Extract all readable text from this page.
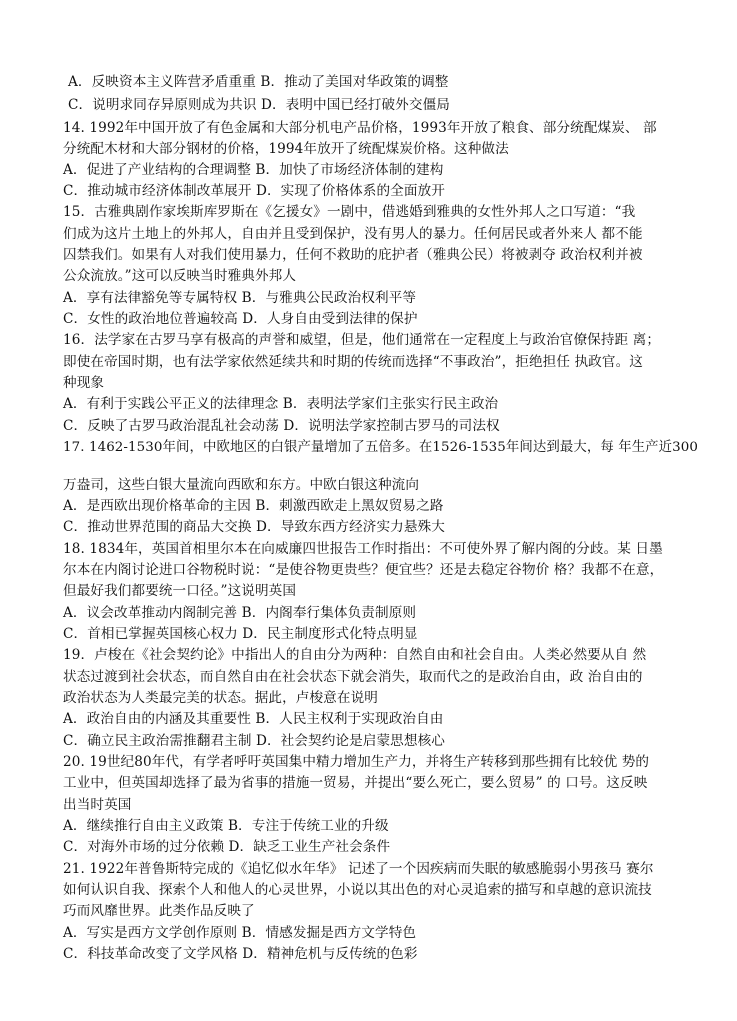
A．反映资本主义阵营矛盾重重 B．推动了美国对华政策的调整
C．说明求同存异原则成为共识 D．表明中国已经打破外交僵局
14. 1992年中国开放了有色金属和大部分机电产品价格，1993年开放了粮食、部分统配煤炭、 部
分统配木材和大部分钢材的价格，1994年放开了统配煤炭价格。这种做法
A．促进了产业结构的合理调整 B．加快了市场经济体制的建构
C．推动城市经济体制改革展开 D．实现了价格体系的全面放开
15．古雅典剧作家埃斯库罗斯在《乞援女》一剧中，借逃婚到雅典的女性外邦人之口写道：“我
们成为这片土地上的外邦人，自由并且受到保护，没有男人的暴力。任何居民或者外来人 都不能
囚禁我们。如果有人对我们使用暴力，任何不救助的庇护者（雅典公民）将被剥夺 政治权利并被
公众流放。”这可以反映当时雅典外邦人
A．享有法律豁免等专属特权 B．与雅典公民政治权利平等
C．女性的政治地位普遍较高 D．人身自由受到法律的保护
16．法学家在古罗马享有极高的声誉和威望，但是，他们通常在一定程度上与政治官僚保持距 离；
即使在帝国时期，也有法学家依然延续共和时期的传统而选择“不事政治”，拒绝担任 执政官。这
种现象
A．有利于实践公平正义的法律理念 B．表明法学家们主张实行民主政治
C．反映了古罗马政治混乱社会动荡 D．说明法学家控制古罗马的司法权
17. 1462-1530年间，中欧地区的白银产量增加了五倍多。在1526-1535年间达到最大，每 年生产近300
万盎司，这些白银大量流向西欧和东方。中欧白银这种流向
A．是西欧出现价格革命的主因 B．刺激西欧走上黑奴贸易之路
C．推动世界范围的商品大交换 D．导致东西方经济实力悬殊大
18. 1834年，英国首相里尔本在向威廉四世报告工作时指出：不可使外界了解内阁的分歧。某 日墨
尔本在内阁讨论进口谷物税时说：“是使谷物更贵些？便宜些？还是去稳定谷物价 格？我都不在意，
但最好我们都要统一口径。”这说明英国
A．议会改革推动内阁制完善 B．内阁奉行集体负责制原则
C．首相已掌握英国核心权力 D．民主制度形式化特点明显
19．卢梭在《社会契约论》中指出人的自由分为两种：自然自由和社会自由。人类必然要从自 然
状态过渡到社会状态，而自然自由在社会状态下就会消失，取而代之的是政治自由，政 治自由的
政治状态为人类最完美的状态。据此，卢梭意在说明
A．政治自由的内涵及其重要性 B．人民主权利于实现政治自由
C．确立民主政治需推翻君主制 D．社会契约论是启蒙思想核心
20. 19世纪80年代，有学者呼吁英国集中精力增加生产力，并将生产转移到那些拥有比较优 势的
工业中，但英国却选择了最为省事的措施一贸易，并提出“要么死亡，要么贸易” 的 口号。这反映
出当时英国
A．继续推行自由主义政策 B．专注于传统工业的升级
C．对海外市场的过分依赖 D．缺乏工业生产社会条件
21. 1922年普鲁斯特完成的《追忆似水年华》 记述了一个因疾病而失眠的敏感脆弱小男孩马 赛尔
如何认识自我、探索个人和他人的心灵世界，小说以其出色的对心灵追索的描写和卓越的意识流技
巧而风靡世界。此类作品反映了
A．写实是西方文学创作原则 B．情感发掘是西方文学特色
C．科技革命改变了文学风格 D．精神危机与反传统的色彩
